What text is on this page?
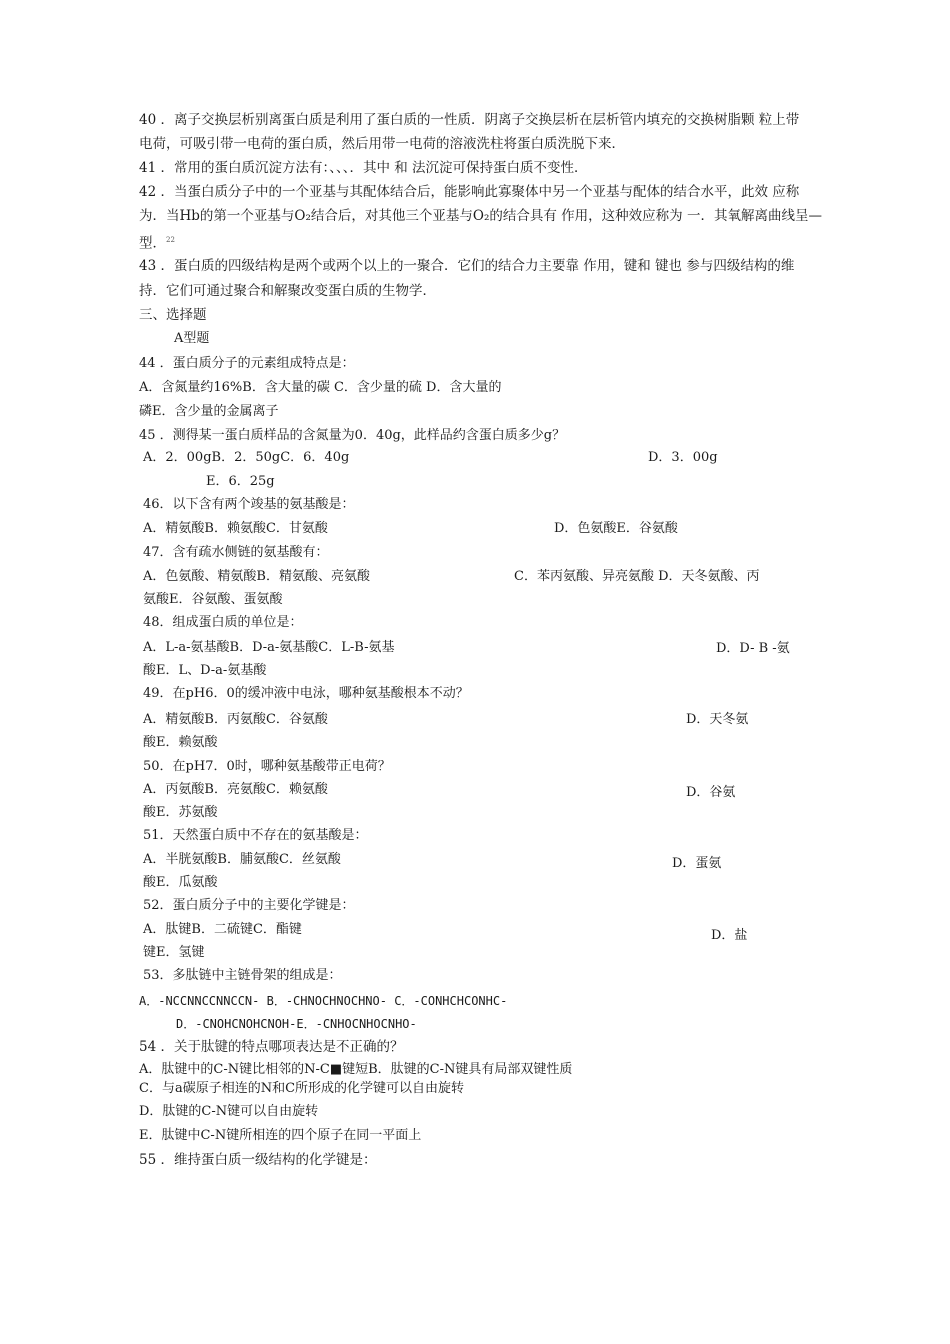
40 ．离子交换层析别离蛋白质是利用了蛋白质的一性质．阴离子交换层析在层析管内填充的交换树脂颗 粒上带
电荷，可吸引带一电荷的蛋白质，然后用带一电荷的溶液洗柱将蛋白质洗脱下来．
41 ．常用的蛋白质沉淀方法有：、、、．其中 和 法沉淀可保持蛋白质不变性．
42 ．当蛋白质分子中的一个亚基与其配体结合后，能影响此寡聚体中另一个亚基与配体的结合水平，此效 应称
为．当Hb的第一个亚基与O₂结合后，对其他三个亚基与O₂的结合具有 作用，这种效应称为 一．其氧解离曲线呈—
型．$^{22}$
43 ．蛋白质的四级结构是两个或两个以上的一聚合．它们的结合力主要靠 作用，键和 键也 参与四级结构的维
持．它们可通过聚合和解聚改变蛋白质的生物学．
三、选择题
A型题
44 ．蛋白质分子的元素组成特点是：
A．含氮量约16%B．含大量的碳 C．含少量的硫 D．含大量的
磷E．含少量的金属离子
45 ．测得某一蛋白质样品的含氮量为0．40g，此样品约含蛋白质多少g？
A．2．00gB．2．50gC．6．40g	D．3．00g
E．6．25g
46．以下含有两个竣基的氨基酸是：
A．精氨酸B．赖氨酸C．甘氨酸	D．色氨酸E．谷氨酸
47．含有疏水侧链的氨基酸有：
A．色氨酸、精氨酸B．精氨酸、亮氨酸	C．苯丙氨酸、异亮氨酸 D．天冬氨酸、丙
氨酸E．谷氨酸、蛋氨酸
48．组成蛋白质的单位是：
A．L-a-氨基酸B．D-a-氨基酸C．L-B-氨基	D．D- B -氨
酸E．L、D-a-氨基酸
49．在pH6．0的缓冲液中电泳，哪种氨基酸根本不动？
A．精氨酸B．丙氨酸C．谷氨酸	D．天冬氨
酸E．赖氨酸
50．在pH7．0时，哪种氨基酸带正电荷？
A．丙氨酸B．亮氨酸C．赖氨酸	D．谷氨
酸E．苏氨酸
51．天然蛋白质中不存在的氨基酸是：
A．半胱氨酸B．脯氨酸C．丝氨酸	D．蛋氨
酸E．瓜氨酸
52．蛋白质分子中的主要化学键是：
A．肽键B．二硫键C．酯键	D．盐
键E．氢键
53．多肽链中主链骨架的组成是：
A．-NCCNNCCNNCCN- B．-CHNOCHNOCHNO- C．-CONHCHCONHC-
D．-CNOHCNOHCNOH-E．-CNHOCNHOCNHO-
54 ．关于肽键的特点哪项表达是不正确的？
A．肽键中的C-N键比相邻的N-C■键短B．肽键的C-N键具有局部双键性质
C．与a碳原子相连的N和C所形成的化学键可以自由旋转
D．肽键的C-N键可以自由旋转
E．肽键中C-N键所相连的四个原子在同一平面上
55 ．维持蛋白质一级结构的化学键是：
